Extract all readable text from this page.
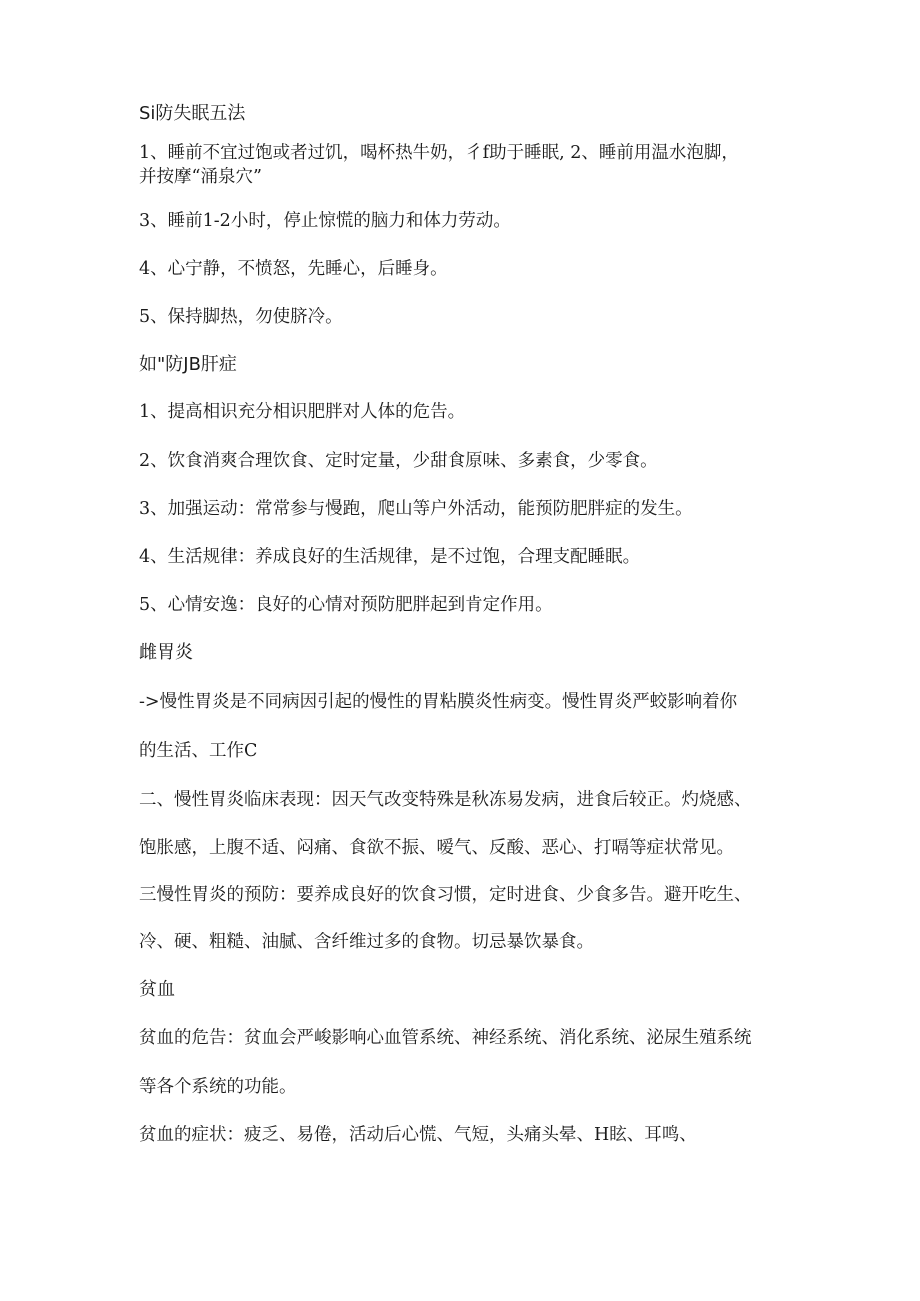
Si防失眠五法
1、睡前不宜过饱或者过饥，喝杯热牛奶，彳f助于睡眠, 2、睡前用温水泡脚，
并按摩“涌泉穴”
3、睡前1-2小时，停止惊慌的脑力和体力劳动。
4、心宁静，不愤怒，先睡心，后睡身。
5、保持脚热，勿使脐冷。
如"防JB肝症
1、提高相识充分相识肥胖对人体的危告。
2、饮食消爽合理饮食、定时定量，少甜食原味、多素食，少零食。
3、加强运动：常常参与慢跑，爬山等户外活动，能预防肥胖症的发生。
4、生活规律：养成良好的生活规律，是不过饱，合理支配睡眠。
5、心情安逸：良好的心情对预防肥胖起到肯定作用。
雌胃炎
->慢性胃炎是不同病因引起的慢性的胃粘膜炎性病变。慢性胃炎严蛟影响着你
的生活、工作C
二、慢性胃炎临床表现：因天气改变特殊是秋冻易发病，进食后较正。灼烧感、
饱胀感，上腹不适、闷痛、食欲不振、嗳气、反酸、恶心、打嗝等症状常见。
三慢性胃炎的预防：要养成良好的饮食习惯，定时进食、少食多告。避开吃生、
冷、硬、粗糙、油腻、含纤维过多的食物。切忌暴饮暴食。
贫血
贫血的危告：贫血会严峻影响心血管系统、神经系统、消化系统、泌尿生殖系统
等各个系统的功能。
贫血的症状：疲乏、易倦，活动后心慌、气短，头痛头晕、H眩、耳鸣、
